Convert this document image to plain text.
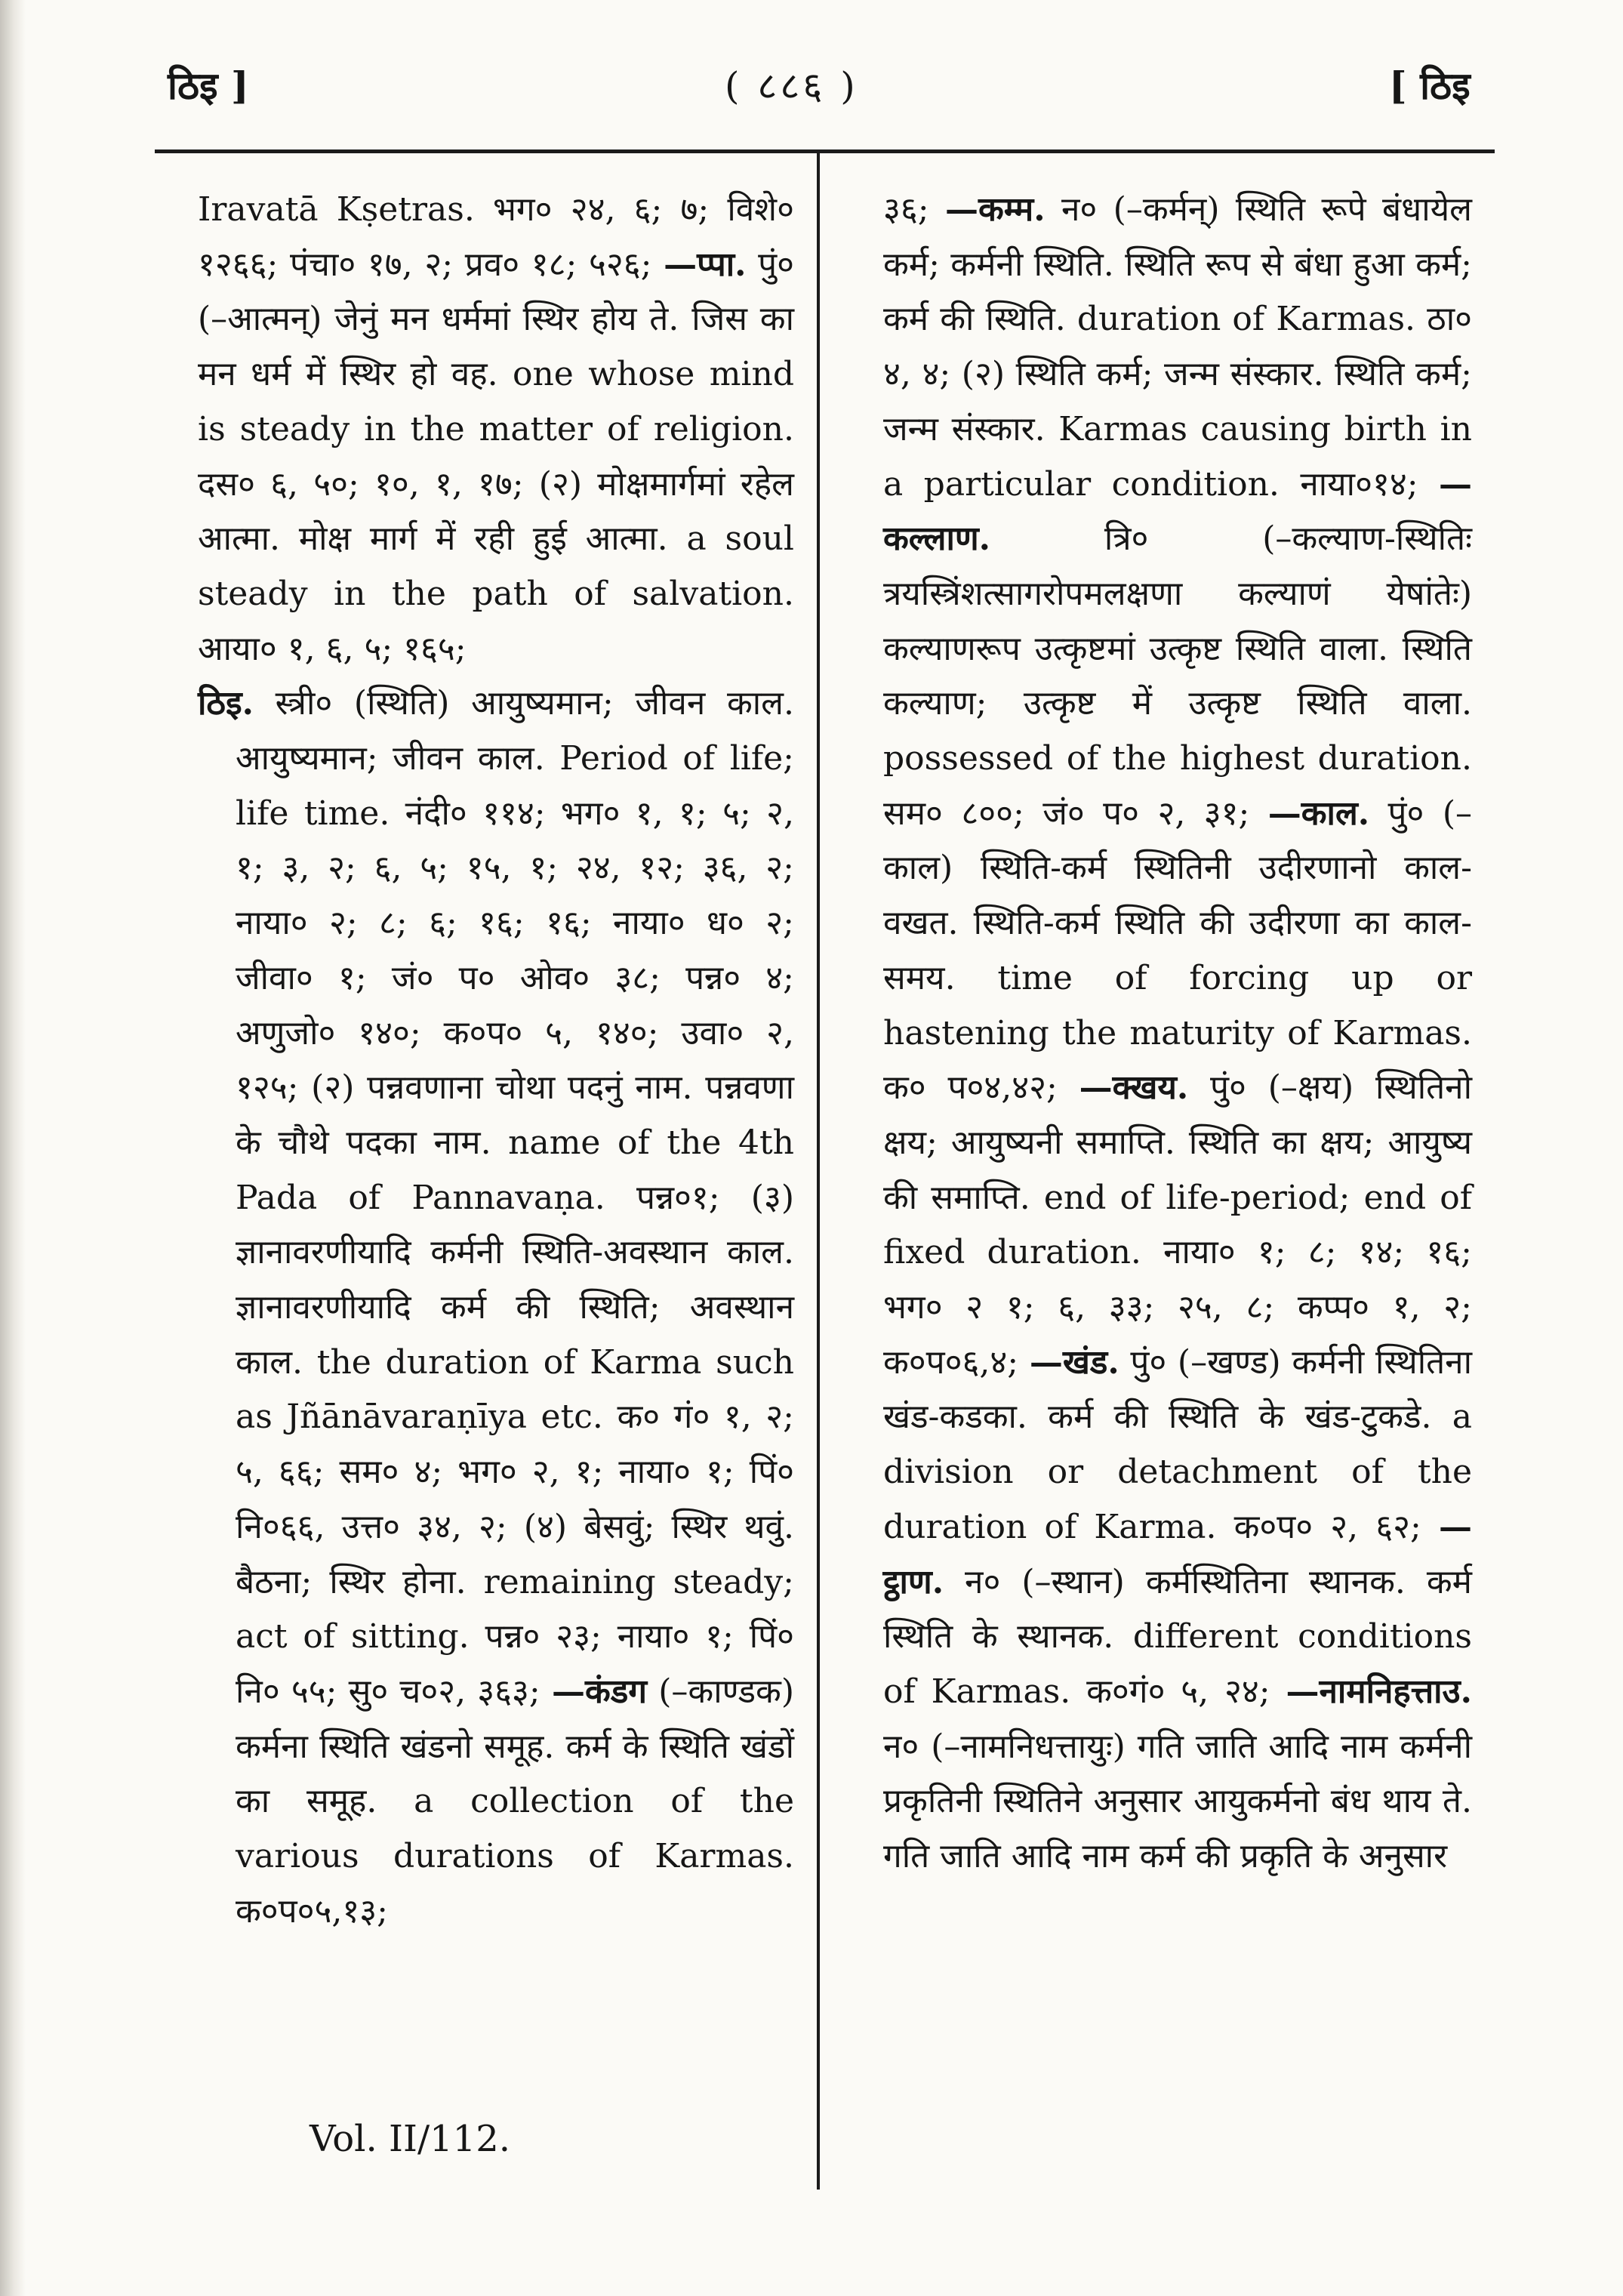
ठिइ ]	( ८८६ )	[ ठिइ

Iravatā Kṣetras. भग० २४, ६; ७; विशे० १२६६; पंचा० १७, २; प्रव० १८; ५२६; —प्पा. पुं० (–आत्मन्) जेनुं मन धर्ममां स्थिर होय ते. जिस का मन धर्म में स्थिर हो वह. one whose mind is steady in the matter of religion. दस० ६, ५०; १०, १, १७; (२) मोक्षमार्गमां रहेल आत्मा. मोक्ष मार्ग में रही हुई आत्मा. a soul steady in the path of salvation. आया० १, ६, ५; १६५;

ठिइ. स्त्री० (स्थिति) आयुष्यमान; जीवन काल. आयुष्यमान; जीवन काल. Period of life; life time. नंदी० ११४; भग० १, १; ५; २, १; ३, २; ६, ५; १५, १; २४, १२; ३६, २; नाया० २; ८; ६; १६; १६; नाया० ध० २; जीवा० १; जं० प० ओव० ३८; पन्न० ४; अणुजो० १४०; क०प० ५, १४०; उवा० २, १२५; (२) पन्नवणाना चोथा पदनुं नाम. पन्नवणा के चौथे पदका नाम. name of the 4th Pada of Pannavaṇa. पन्न०१; (३) ज्ञानावरणीयादि कर्मनी स्थिति-अवस्थान काल. ज्ञानावरणीयादि कर्म की स्थिति; अवस्थान काल. the duration of Karma such as Jñānāvaraṇīya etc. क० गं० १, २; ५, ६६; सम० ४; भग० २, १; नाया० १; पिं० नि०६६, उत्त० ३४, २; (४) बेसवुं; स्थिर थवुं. बैठना; स्थिर होना. remaining steady; act of sitting. पन्न० २३; नाया० १; पिं० नि० ५५; सु० च०२, ३६३; —कंडग (–काण्डक) कर्मना स्थिति खंडनो समूह. कर्म के स्थिति खंडों का समूह. a collection of the various durations of Karmas. क०प०५,१३;

३६; —कम्म. न० (–कर्मन्) स्थिति रूपे बंधायेल कर्म; कर्मनी स्थिति. स्थिति रूप से बंधा हुआ कर्म; कर्म की स्थिति. duration of Karmas. ठा० ४, ४; (२) स्थिति कर्म; जन्म संस्कार. स्थिति कर्म; जन्म संस्कार. Karmas causing birth in a particular condition. नाया०१४; —कल्लाण.	त्रि० (–कल्याण-स्थितिः त्रयस्त्रिंशत्सागरोपमलक्षणा कल्याणं येषांतेः) कल्याणरूप उत्कृष्टमां उत्कृष्ट स्थिति वाला. स्थिति कल्याण; उत्कृष्ट में उत्कृष्ट स्थिति वाला. possessed of the highest duration. सम० ८००; जं० प० २, ३१; —काल. पुं० (–काल) स्थिति-कर्म स्थितिनी उदीरणानो काल-वखत. स्थिति-कर्म स्थिति की उदीरणा का काल-समय. time of forcing up or hastening the maturity of Karmas. क० प०४,४२; —क्खय. पुं० (–क्षय) स्थितिनो क्षय; आयुष्यनी समाप्ति. स्थिति का क्षय; आयुष्य की समाप्ति. end of life-period; end of fixed duration. नाया० १; ८; १४; १६; भग० २ १; ६, ३३; २५, ८; कप्प० १, २; क०प०६,४; —खंड. पुं० (–खण्ड) कर्मनी स्थितिना खंड-कडका. कर्म की स्थिति के खंड-टुकडे. a division or detachment of the duration of Karma. क०प० २, ६२; —ट्ठाण. न० (–स्थान) कर्मस्थितिना स्थानक. कर्म स्थिति के स्थानक. different conditions of Karmas. क०गं० ५, २४; —नामनिहत्ताउ. न० (–नामनिधत्तायुः) गति जाति आदि नाम कर्मनी प्रकृतिनी स्थितिने अनुसार आयुकर्मनो बंध थाय ते. गति जाति आदि नाम कर्म की प्रकृति के अनुसार

Vol. II/112.
